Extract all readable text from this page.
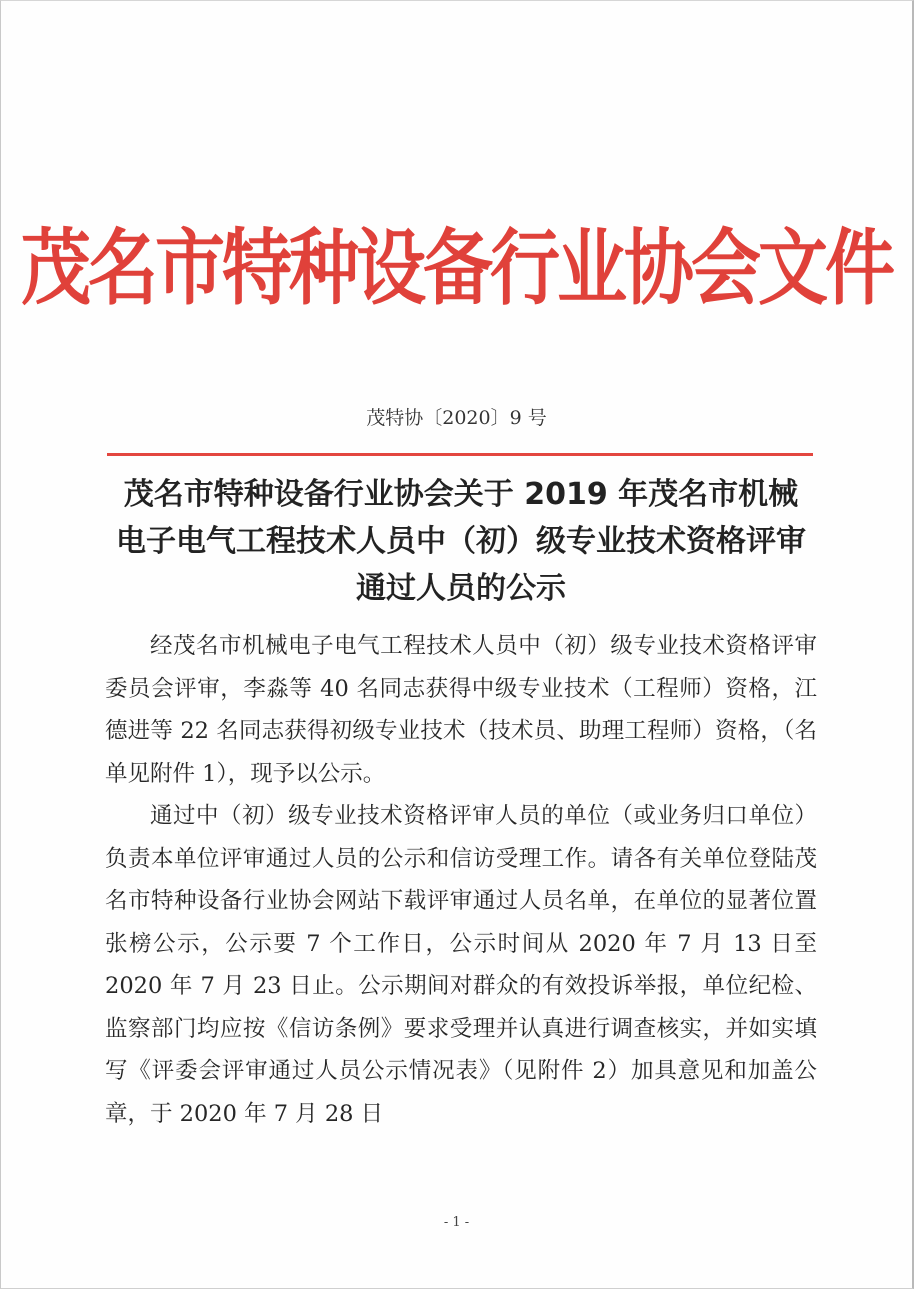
茂名市特种设备行业协会文件
茂特协〔2020〕9 号
茂名市特种设备行业协会关于 2019 年茂名市机械电子电气工程技术人员中（初）级专业技术资格评审通过人员的公示

经茂名市机械电子电气工程技术人员中（初）级专业技术资格评审委员会评审，李淼等 40 名同志获得中级专业技术（工程师）资格，江德进等 22 名同志获得初级专业技术（技术员、助理工程师）资格，（名单见附件 1），现予以公示。

通过中（初）级专业技术资格评审人员的单位（或业务归口单位）负责本单位评审通过人员的公示和信访受理工作。请各有关单位登陆茂名市特种设备行业协会网站下载评审通过人员名单，在单位的显著位置张榜公示，公示要 7 个工作日，公示时间从 2020 年 7 月 13 日至 2020 年 7 月 23 日止。公示期间对群众的有效投诉举报，单位纪检、监察部门均应按《信访条例》要求受理并认真进行调查核实，并如实填写《评委会评审通过人员公示情况表》（见附件 2）加具意见和加盖公章，于 2020 年 7 月 28 日

- 1 -
